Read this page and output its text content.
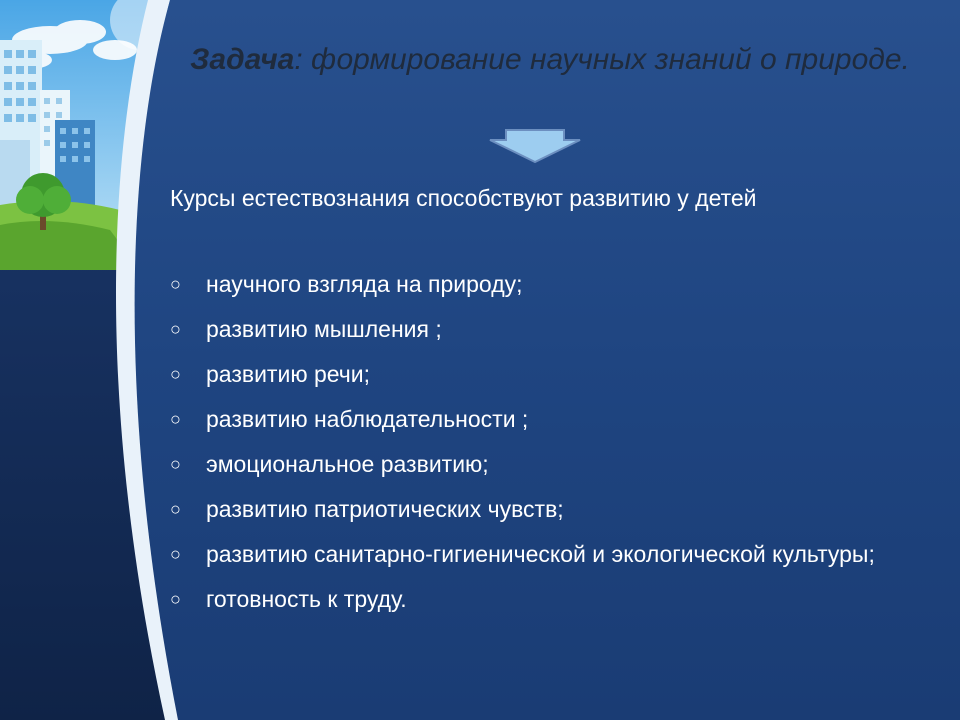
Задача: формирование научных знаний о природе.
Курсы естествознания способствуют развитию у детей
○ научного взгляда на природу;
○ развитию мышления ;
○ развитию речи;
○ развитию наблюдательности ;
○ эмоциональное развитию;
○ развитию патриотических чувств;
○ развитию санитарно-гигиенической и экологической культуры;
○ готовность к труду.
